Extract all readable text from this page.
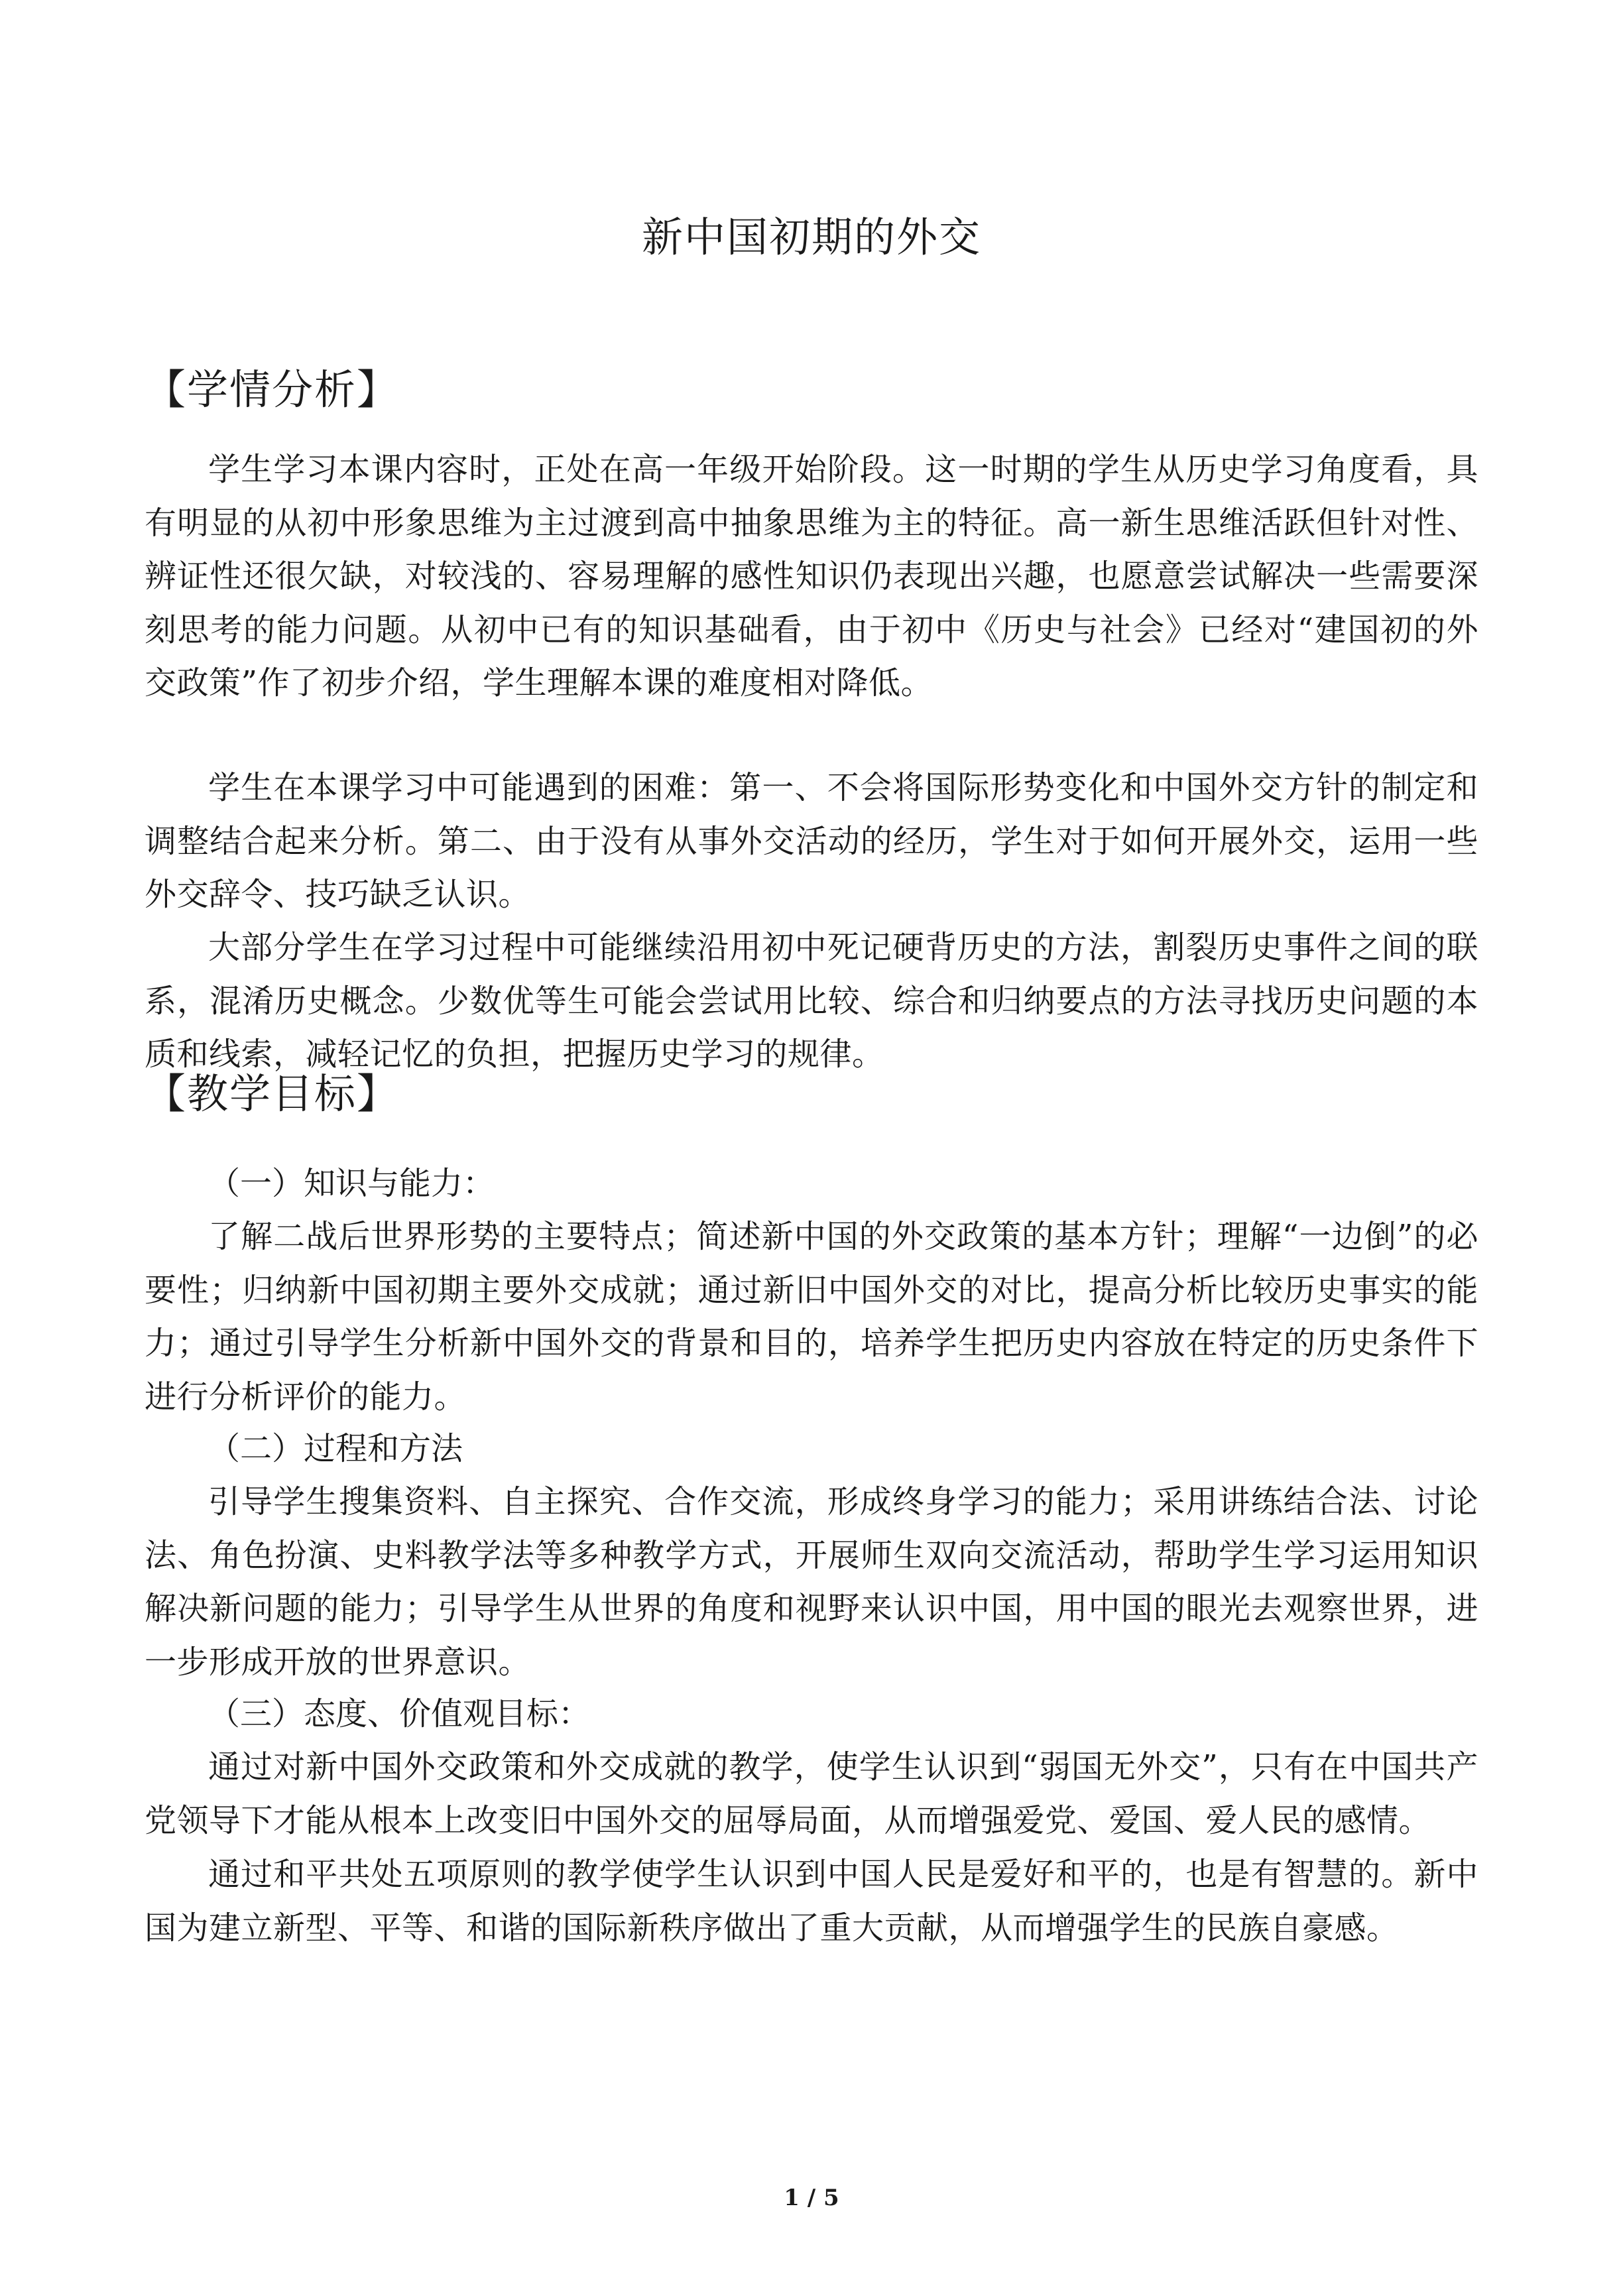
新中国初期的外交
【学情分析】

学生学习本课内容时，正处在高一年级开始阶段。这一时期的学生从历史学习角度看，具有明显的从初中形象思维为主过渡到高中抽象思维为主的特征。高一新生思维活跃但针对性、辨证性还很欠缺，对较浅的、容易理解的感性知识仍表现出兴趣，也愿意尝试解决一些需要深刻思考的能力问题。从初中已有的知识基础看，由于初中《历史与社会》已经对“建国初的外交政策”作了初步介绍，学生理解本课的难度相对降低。

学生在本课学习中可能遇到的困难：第一、不会将国际形势变化和中国外交方针的制定和调整结合起来分析。第二、由于没有从事外交活动的经历，学生对于如何开展外交，运用一些外交辞令、技巧缺乏认识。

大部分学生在学习过程中可能继续沿用初中死记硬背历史的方法，割裂历史事件之间的联系，混淆历史概念。少数优等生可能会尝试用比较、综合和归纳要点的方法寻找历史问题的本质和线索，减轻记忆的负担，把握历史学习的规律。

【教学目标】

（一）知识与能力：

了解二战后世界形势的主要特点；简述新中国的外交政策的基本方针；理解“一边倒”的必要性；归纳新中国初期主要外交成就；通过新旧中国外交的对比，提高分析比较历史事实的能力；通过引导学生分析新中国外交的背景和目的，培养学生把历史内容放在特定的历史条件下进行分析评价的能力。

（二）过程和方法

引导学生搜集资料、自主探究、合作交流，形成终身学习的能力；采用讲练结合法、讨论法、角色扮演、史料教学法等多种教学方式，开展师生双向交流活动，帮助学生学习运用知识解决新问题的能力；引导学生从世界的角度和视野来认识中国，用中国的眼光去观察世界，进一步形成开放的世界意识。

（三）态度、价值观目标：

通过对新中国外交政策和外交成就的教学，使学生认识到“弱国无外交”，只有在中国共产党领导下才能从根本上改变旧中国外交的屈辱局面，从而增强爱党、爱国、爱人民的感情。

通过和平共处五项原则的教学使学生认识到中国人民是爱好和平的，也是有智慧的。新中国为建立新型、平等、和谐的国际新秩序做出了重大贡献，从而增强学生的民族自豪感。

1 / 5
